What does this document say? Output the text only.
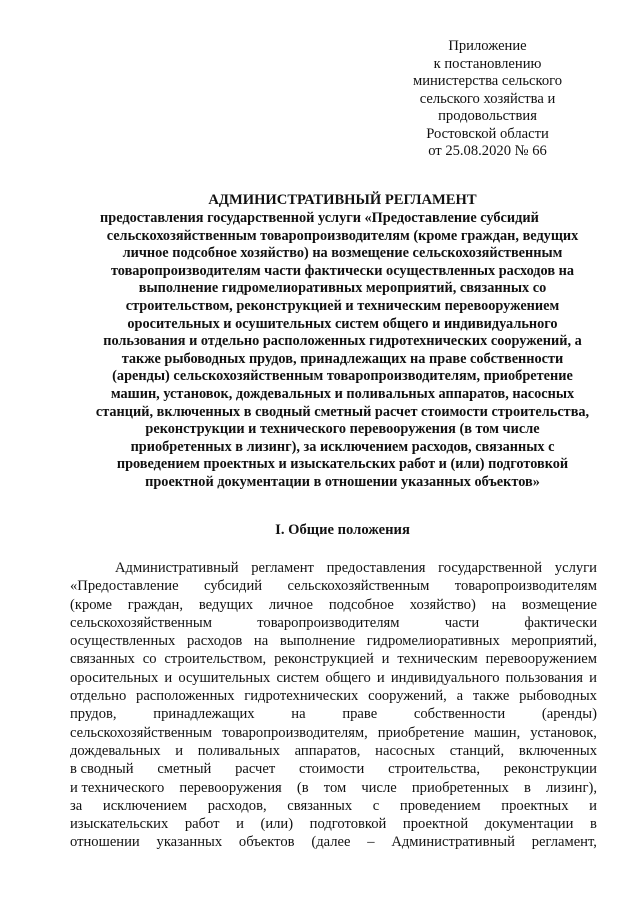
Приложение
к постановлению
министерства сельского
сельского хозяйства и
продовольствия
Ростовской области
от 25.08.2020 № 66
АДМИНИСТРАТИВНЫЙ РЕГЛАМЕНТ
предоставления государственной услуги «Предоставление субсидий
сельскохозяйственным товаропроизводителям (кроме граждан, ведущих
личное подсобное хозяйство) на возмещение сельскохозяйственным
товаропроизводителям части фактически осуществленных расходов на
выполнение гидромелиоративных мероприятий, связанных со
строительством, реконструкцией и техническим перевооружением
оросительных и осушительных систем общего и индивидуального
пользования и отдельно расположенных гидротехнических сооружений, а
также рыбоводных прудов, принадлежащих на праве собственности
(аренды) сельскохозяйственным товаропроизводителям, приобретение
машин, установок, дождевальных и поливальных аппаратов, насосных
станций, включенных в сводный сметный расчет стоимости строительства,
реконструкции и технического перевооружения (в том числе
приобретенных в лизинг), за исключением расходов, связанных с
проведением проектных и изыскательских работ и (или) подготовкой
проектной документации в отношении указанных объектов»
I. Общие положения
Административный регламент предоставления государственной услуги
«Предоставление субсидий сельскохозяйственным товаропроизводителям
(кроме граждан, ведущих личное подсобное хозяйство) на возмещение
сельскохозяйственным	товаропроизводителям	части	фактически
осуществленных расходов на выполнение гидромелиоративных мероприятий,
связанных со строительством, реконструкцией и техническим перевооружением
оросительных и осушительных систем общего и индивидуального пользования и
отдельно расположенных гидротехнических сооружений, а также рыбоводных
прудов,	принадлежащих	на	праве	собственности	(аренды)
сельскохозяйственным товаропроизводителям, приобретение машин, установок,
дождевальных и поливальных аппаратов, насосных станций, включенных
в сводный сметный расчет стоимости строительства, реконструкции
и технического перевооружения (в том числе приобретенных в лизинг),
за исключением расходов, связанных с проведением проектных и
изыскательских работ и (или) подготовкой проектной документации в
отношении указанных объектов (далее – Административный регламент,
